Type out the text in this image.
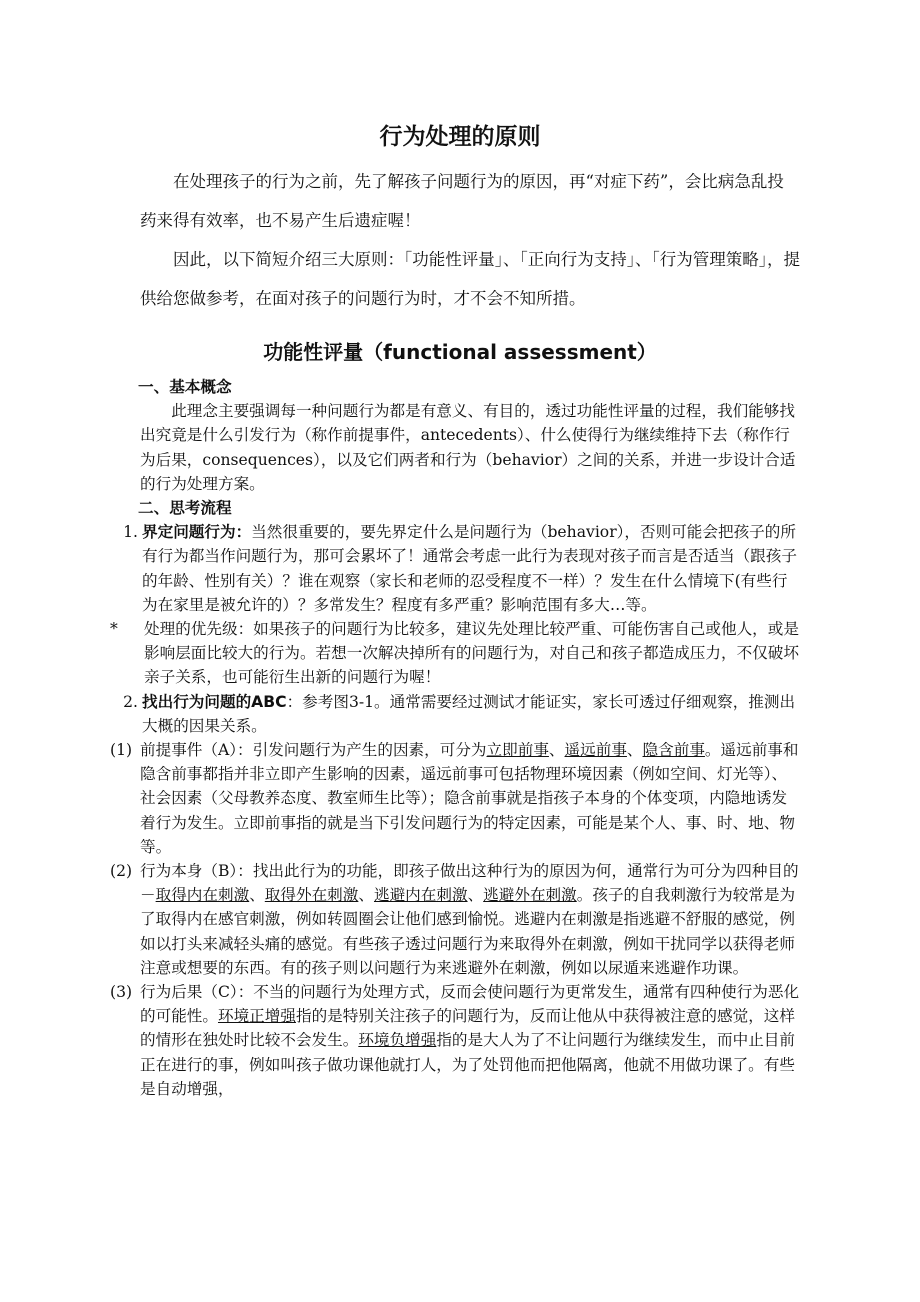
行为处理的原则

在处理孩子的行为之前，先了解孩子问题行为的原因，再“对症下药”，会比病急乱投药来得有效率，也不易产生后遗症喔！

因此，以下简短介绍三大原则：「功能性评量」、「正向行为支持」、「行为管理策略」，提供给您做参考，在面对孩子的问题行为时，才不会不知所措。

功能性评量（functional assessment）

一、基本概念

此理念主要强调每一种问题行为都是有意义、有目的，透过功能性评量的过程，我们能够找出究竟是什么引发行为（称作前提事件，antecedents）、什么使得行为继续维持下去（称作行为后果，consequences），以及它们两者和行为（behavior）之间的关系，并进一步设计合适的行为处理方案。

二、思考流程

1. 界定问题行为：当然很重要的，要先界定什么是问题行为（behavior），否则可能会把孩子的所有行为都当作问题行为，那可会累坏了！通常会考虑一此行为表现对孩子而言是否适当（跟孩子的年龄、性别有关）？谁在观察（家长和老师的忍受程度不一样）？发生在什么情境下(有些行为在家里是被允许的）？多常发生？程度有多严重？影响范围有多大…等。
*	处理的优先级：如果孩子的问题行为比较多，建议先处理比较严重、可能伤害自己或他人，或是影响层面比较大的行为。若想一次解决掉所有的问题行为，对自己和孩子都造成压力，不仅破坏亲子关系，也可能衍生出新的问题行为喔！
2. 找出行为问题的ABC：参考图3-1。通常需要经过测试才能证实，家长可透过仔细观察，推测出大概的因果关系。
(1) 前提事件（A）：引发问题行为产生的因素，可分为立即前事、遥远前事、隐含前事。遥远前事和隐含前事都指并非立即产生影响的因素，遥远前事可包括物理环境因素（例如空间、灯光等）、社会因素（父母教养态度、教室师生比等）；隐含前事就是指孩子本身的个体变项，内隐地诱发着行为发生。立即前事指的就是当下引发问题行为的特定因素，可能是某个人、事、时、地、物等。
(2) 行为本身（B）：找出此行为的功能，即孩子做出这种行为的原因为何，通常行为可分为四种目的－取得内在刺激、取得外在刺激、逃避内在刺激、逃避外在刺激。孩子的自我刺激行为较常是为了取得内在感官刺激，例如转圆圈会让他们感到愉悦。逃避内在刺激是指逃避不舒服的感觉，例如以打头来减轻头痛的感觉。有些孩子透过问题行为来取得外在刺激，例如干扰同学以获得老师注意或想要的东西。有的孩子则以问题行为来逃避外在刺激，例如以尿遁来逃避作功课。
(3) 行为后果（C）：不当的问题行为处理方式，反而会使问题行为更常发生，通常有四种使行为恶化的可能性。环境正增强指的是特别关注孩子的问题行为，反而让他从中获得被注意的感觉，这样的情形在独处时比较不会发生。环境负增强指的是大人为了不让问题行为继续发生，而中止目前正在进行的事，例如叫孩子做功课他就打人，为了处罚他而把他隔离，他就不用做功课了。有些是自动增强，
